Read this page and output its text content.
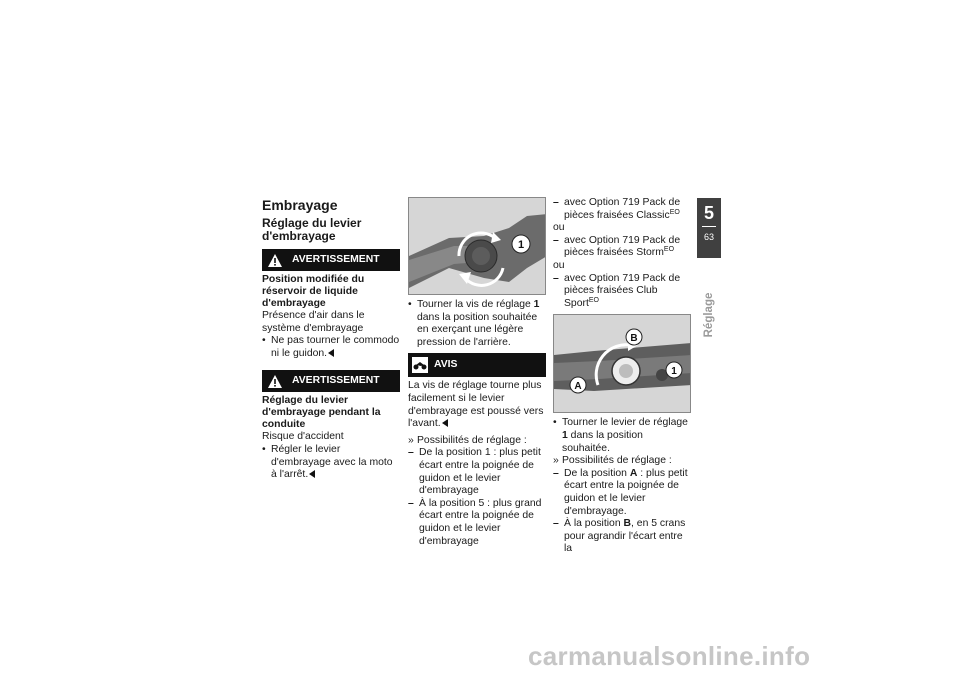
Embrayage
Réglage du levier d'embrayage
AVERTISSEMENT
Position modifiée du réservoir de liquide d'embrayage
Présence d'air dans le système d'embrayage
• Ne pas tourner le commodo ni le guidon.
AVERTISSEMENT
Réglage du levier d'embrayage pendant la conduite
Risque d'accident
• Régler le levier d'embrayage avec la moto à l'arrêt.
1
• Tourner la vis de réglage 1 dans la position souhaitée en exerçant une légère pression de l'arrière.
AVIS
La vis de réglage tourne plus facilement si le levier d'embrayage est poussé vers l'avant.
» Possibilités de réglage :
– De la position 1 : plus petit écart entre la poignée de guidon et le levier d'embrayage
– À la position 5 : plus grand écart entre la poignée de guidon et le levier d'embrayage
– avec Option 719 Pack de pièces fraisées Classic$^{EO}$
ou
– avec Option 719 Pack de pièces fraisées Storm$^{EO}$
ou
– avec Option 719 Pack de pièces fraisées Club Sport$^{EO}$
B
A
1
• Tourner le levier de réglage 1 dans la position souhaitée.
» Possibilités de réglage :
– De la position A : plus petit écart entre la poignée de guidon et le levier d'embrayage.
– À la position B, en 5 crans pour agrandir l'écart entre la
5
63
Réglage
carmanualsonline.info
